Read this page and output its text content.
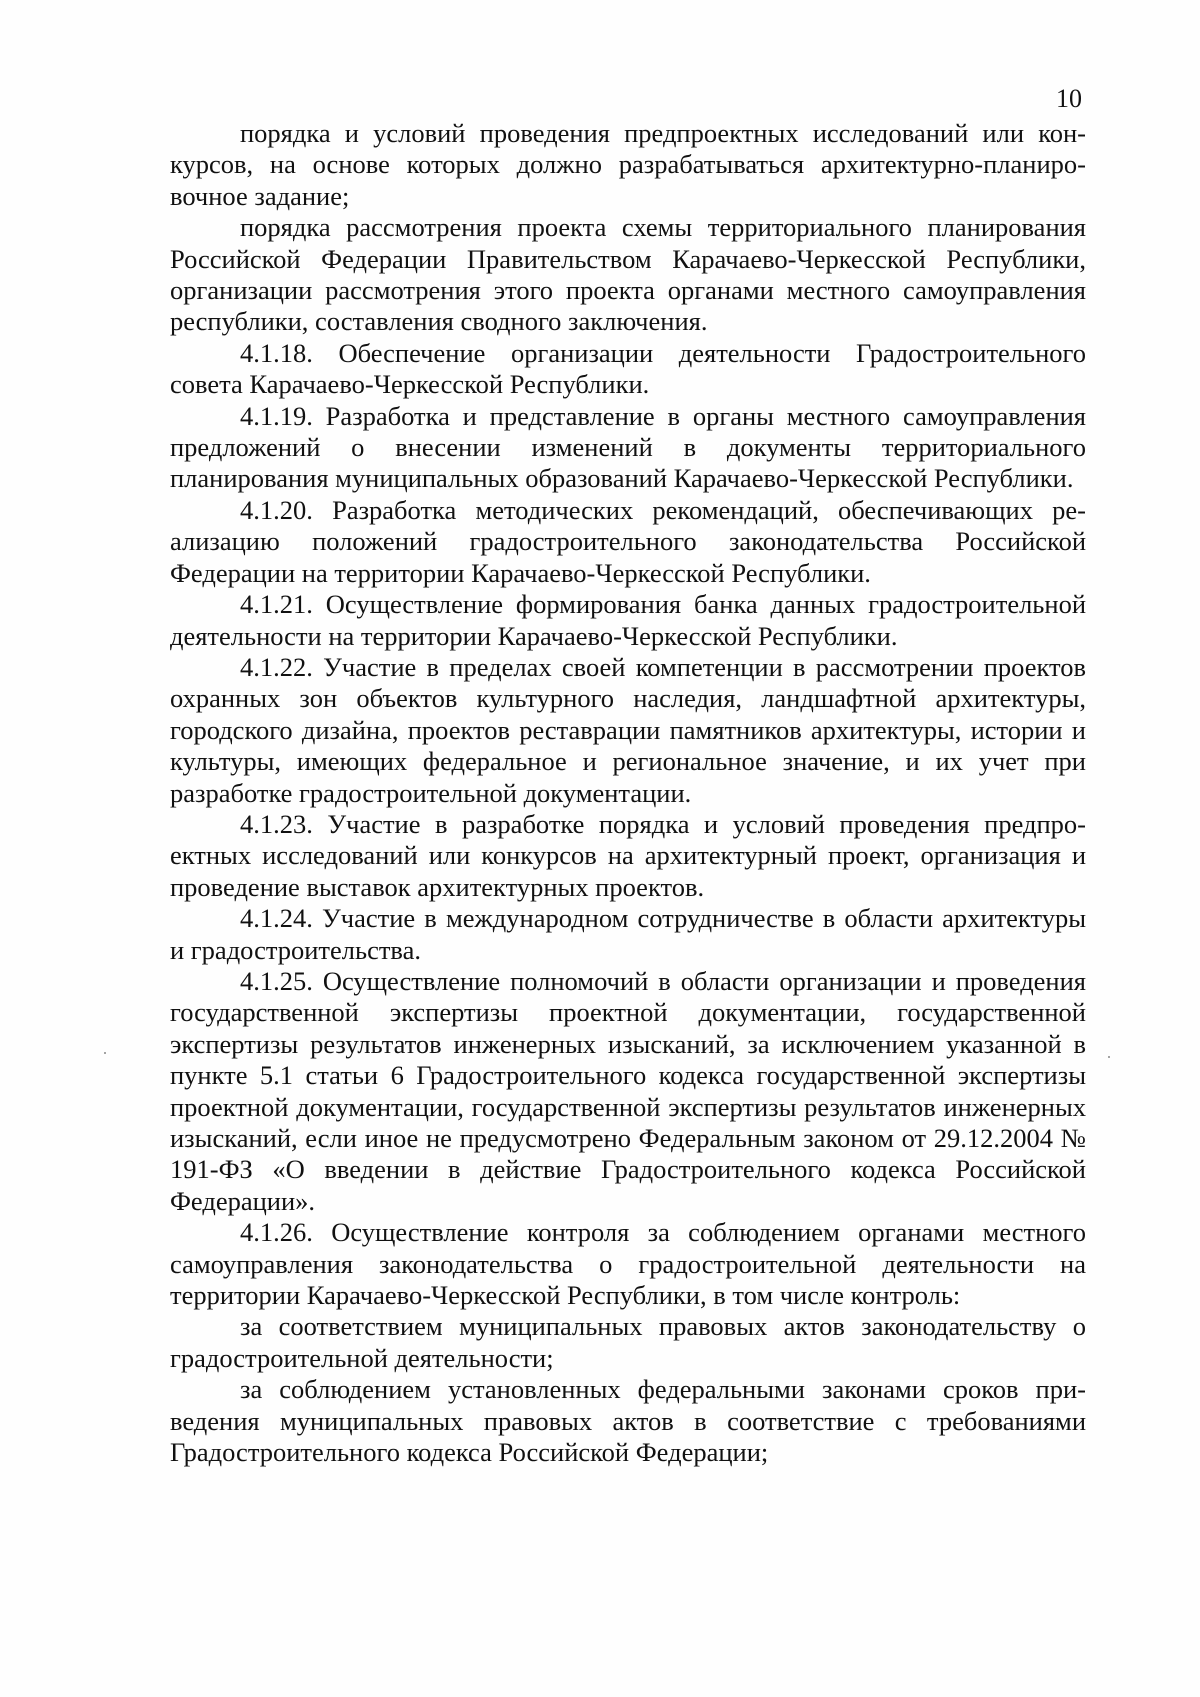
10

порядка и условий проведения предпроектных исследований или конкурсов, на основе которых должно разрабатываться архитектурно-планировочное задание;

порядка рассмотрения проекта схемы территориального планирования Российской Федерации Правительством Карачаево-Черкесской Республики, организации рассмотрения этого проекта органами местного самоуправления республики, составления сводного заключения.

4.1.18. Обеспечение организации деятельности Градостроительного совета Карачаево-Черкесской Республики.

4.1.19. Разработка и представление в органы местного самоуправления предложений о внесении изменений в документы территориального планирования муниципальных образований Карачаево-Черкесской Республики.

4.1.20. Разработка методических рекомендаций, обеспечивающих реализацию положений градостроительного законодательства Российской Федерации на территории Карачаево-Черкесской Республики.

4.1.21. Осуществление формирования банка данных градостроительной деятельности на территории Карачаево-Черкесской Республики.

4.1.22. Участие в пределах своей компетенции в рассмотрении проектов охранных зон объектов культурного наследия, ландшафтной архитектуры, городского дизайна, проектов реставрации памятников архитектуры, истории и культуры, имеющих федеральное и региональное значение, и их учет при разработке градостроительной документации.

4.1.23. Участие в разработке порядка и условий проведения предпроектных исследований или конкурсов на архитектурный проект, организация и проведение выставок архитектурных проектов.

4.1.24. Участие в международном сотрудничестве в области архитектуры и градостроительства.

4.1.25. Осуществление полномочий в области организации и проведения государственной экспертизы проектной документации, государственной экспертизы результатов инженерных изысканий, за исключением указанной в пункте 5.1 статьи 6 Градостроительного кодекса государственной экспертизы проектной документации, государственной экспертизы результатов инженерных изысканий, если иное не предусмотрено Федеральным законом от 29.12.2004 № 191-ФЗ «О введении в действие Градостроительного кодекса Российской Федерации».

4.1.26. Осуществление контроля за соблюдением органами местного самоуправления законодательства о градостроительной деятельности на территории Карачаево-Черкесской Республики, в том числе контроль:

за соответствием муниципальных правовых актов законодательству о градостроительной деятельности;

за соблюдением установленных федеральными законами сроков приведения муниципальных правовых актов в соответствие с требованиями Градостроительного кодекса Российской Федерации;
